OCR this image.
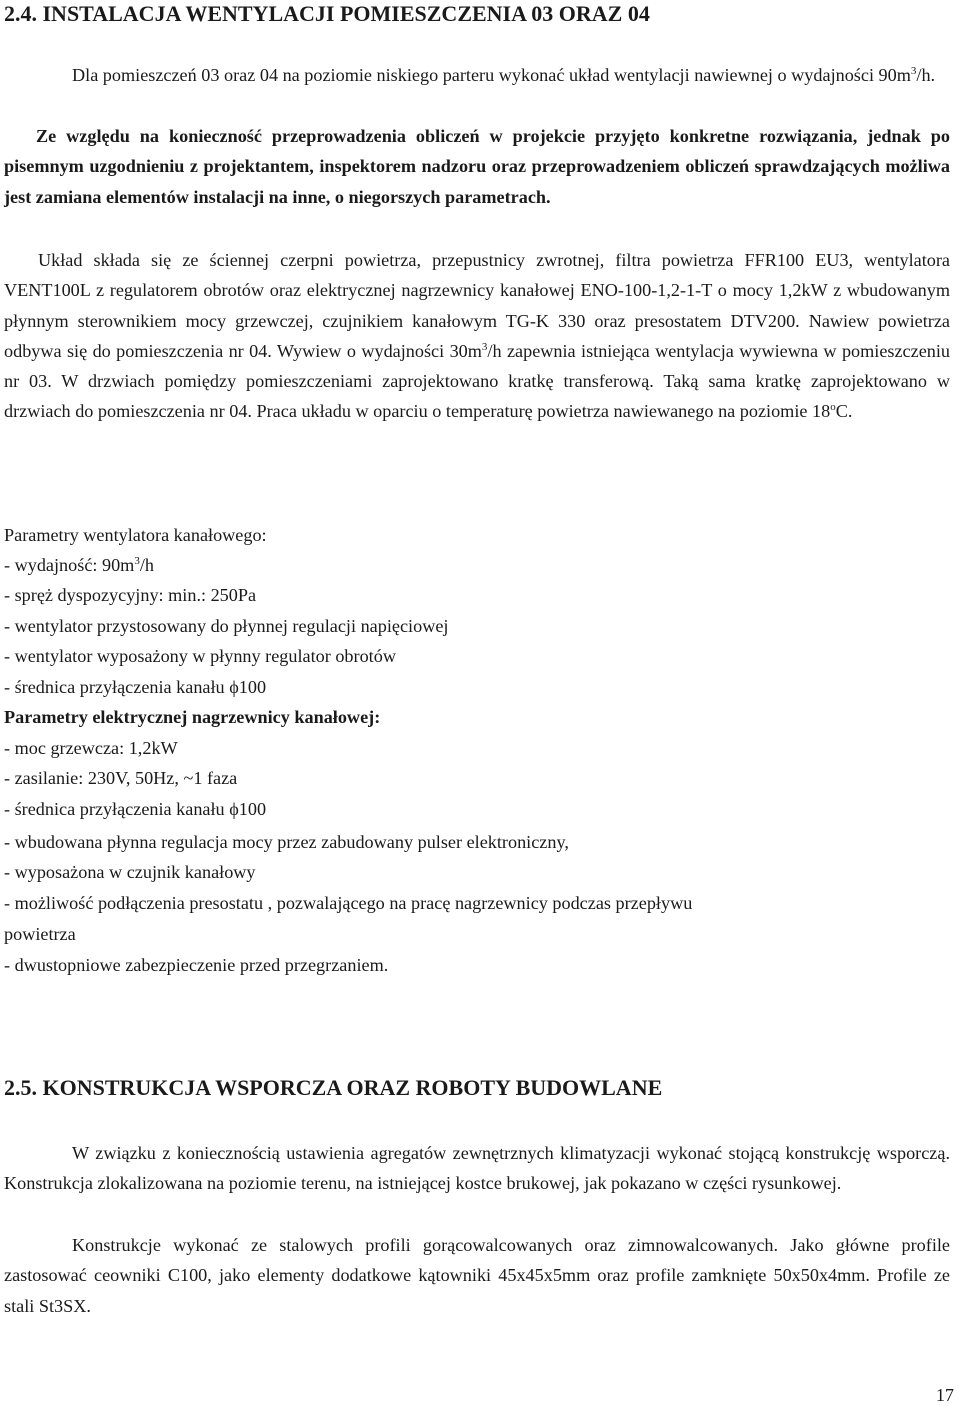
2.4. INSTALACJA WENTYLACJI POMIESZCZENIA 03 ORAZ 04
Dla pomieszczeń 03 oraz 04 na poziomie niskiego parteru wykonać układ wentylacji nawiewnej o wydajności $90m^3/h$.
Ze względu na konieczność przeprowadzenia obliczeń w projekcie przyjęto konkretne rozwiązania, jednak po pisemnym uzgodnieniu z projektantem, inspektorem nadzoru oraz przeprowadzeniem obliczeń sprawdzających możliwa jest zamiana elementów instalacji na inne, o niegorszych parametrach.
Układ składa się ze ściennej czerpni powietrza, przepustnicy zwrotnej, filtra powietrza FFR100 EU3, wentylatora VENT100L z regulatorem obrotów oraz elektrycznej nagrzewnicy kanałowej ENO-100-1,2-1-T o mocy 1,2kW z wbudowanym płynnym sterownikiem mocy grzewczej, czujnikiem kanałowym TG-K 330 oraz presostatem DTV200. Nawiew powietrza odbywa się do pomieszczenia nr 04. Wywiew o wydajności $30m^3/h$ zapewnia istniejąca wentylacja wywiewna w pomieszczeniu nr 03. W drzwiach pomiędzy pomieszczeniami zaprojektowano kratkę transferową. Taką sama kratkę zaprojektowano w drzwiach do pomieszczenia nr 04. Praca układu w oparciu o temperaturę powietrza nawiewanego na poziomie 18$^o$C.
Parametry wentylatora kanałowego:
- wydajność: $90m^3/h$
- spręż dyspozycyjny: min.: 250Pa
- wentylator przystosowany do płynnej regulacji napięciowej
- wentylator wyposażony w płynny regulator obrotów
- średnica przyłączenia kanału ϕ100
Parametry elektrycznej nagrzewnicy kanałowej:
- moc grzewcza: 1,2kW
- zasilanie: 230V, 50Hz, ~1 faza
- średnica przyłączenia kanału ϕ100
- wbudowana płynna regulacja mocy przez zabudowany pulser elektroniczny,
- wyposażona w czujnik kanałowy
- możliwość podłączenia presostatu , pozwalającego na pracę nagrzewnicy podczas przepływu
powietrza
- dwustopniowe zabezpieczenie przed przegrzaniem.
2.5. KONSTRUKCJA WSPORCZA ORAZ ROBOTY BUDOWLANE
W związku z koniecznością ustawienia agregatów zewnętrznych klimatyzacji wykonać stojącą konstrukcję wsporczą. Konstrukcja zlokalizowana na poziomie terenu, na istniejącej kostce brukowej, jak pokazano w części rysunkowej.
Konstrukcje wykonać ze stalowych profili gorącowalcowanych oraz zimnowalcowanych. Jako główne profile zastosować ceowniki C100, jako elementy dodatkowe kątowniki 45x45x5mm oraz profile zamknięte 50x50x4mm. Profile ze stali St3SX.
17
